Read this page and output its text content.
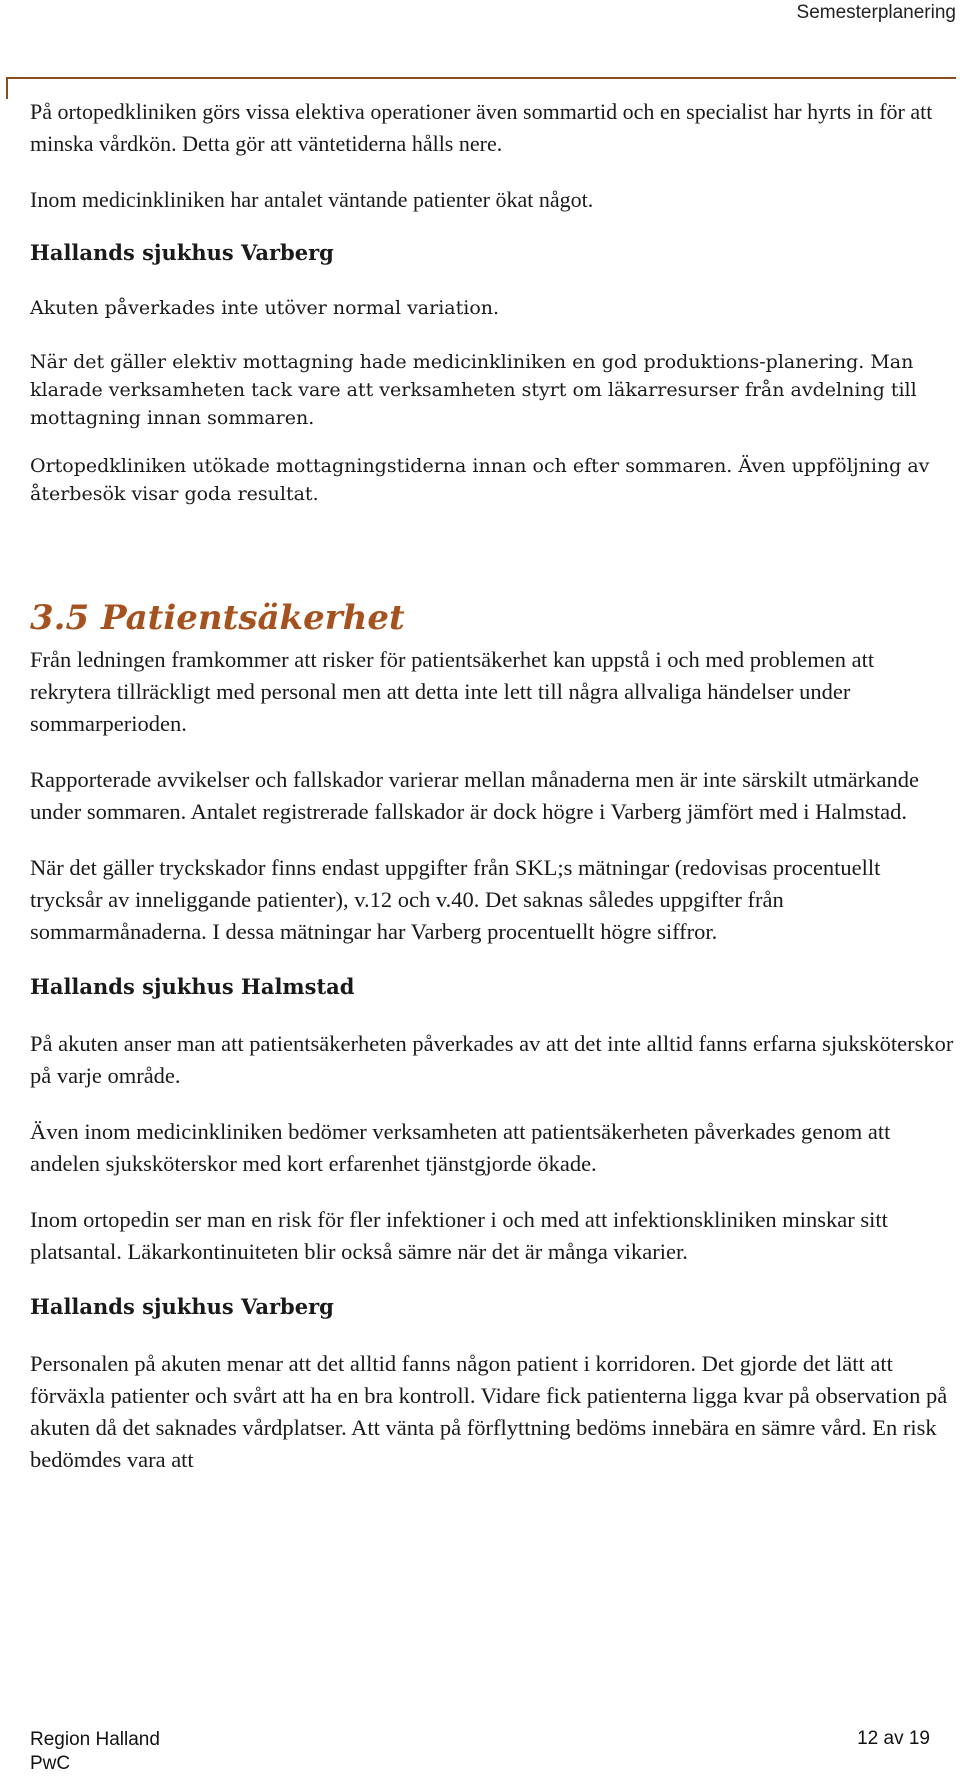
Semesterplanering

På ortopedkliniken görs vissa elektiva operationer även sommartid och en specialist har hyrts in för att minska vårdkön. Detta gör att väntetiderna hålls nere.

Inom medicinkliniken har antalet väntande patienter ökat något.

Hallands sjukhus Varberg

Akuten påverkades inte utöver normal variation.

När det gäller elektiv mottagning hade medicinkliniken en god produktions-planering. Man klarade verksamheten tack vare att verksamheten styrt om läkarresurser från avdelning till mottagning innan sommaren.

Ortopedkliniken utökade mottagningstiderna innan och efter sommaren. Även uppföljning av återbesök visar goda resultat.

3.5 Patientsäkerhet

Från ledningen framkommer att risker för patientsäkerhet kan uppstå i och med problemen att rekrytera tillräckligt med personal men att detta inte lett till några allvaliga händelser under sommarperioden.

Rapporterade avvikelser och fallskador varierar mellan månaderna men är inte särskilt utmärkande under sommaren. Antalet registrerade fallskador är dock högre i Varberg jämfört med i Halmstad.

När det gäller tryckskador finns endast uppgifter från SKL;s mätningar (redovisas procentuellt trycksår av inneliggande patienter), v.12 och v.40. Det saknas således uppgifter från sommarmånaderna. I dessa mätningar har Varberg procentuellt högre siffror.

Hallands sjukhus Halmstad

På akuten anser man att patientsäkerheten påverkades av att det inte alltid fanns erfarna sjuksköterskor på varje område.

Även inom medicinkliniken bedömer verksamheten att patientsäkerheten påverkades genom att andelen sjuksköterskor med kort erfarenhet tjänstgjorde ökade.

Inom ortopedin ser man en risk för fler infektioner i och med att infektionskliniken minskar sitt platsantal. Läkarkontinuiteten blir också sämre när det är många vikarier.

Hallands sjukhus Varberg

Personalen på akuten menar att det alltid fanns någon patient i korridoren. Det gjorde det lätt att förväxla patienter och svårt att ha en bra kontroll. Vidare fick patienterna ligga kvar på observation på akuten då det saknades vårdplatser. Att vänta på förflyttning bedöms innebära en sämre vård. En risk bedömdes vara att

Region Halland
PwC
12 av 19
